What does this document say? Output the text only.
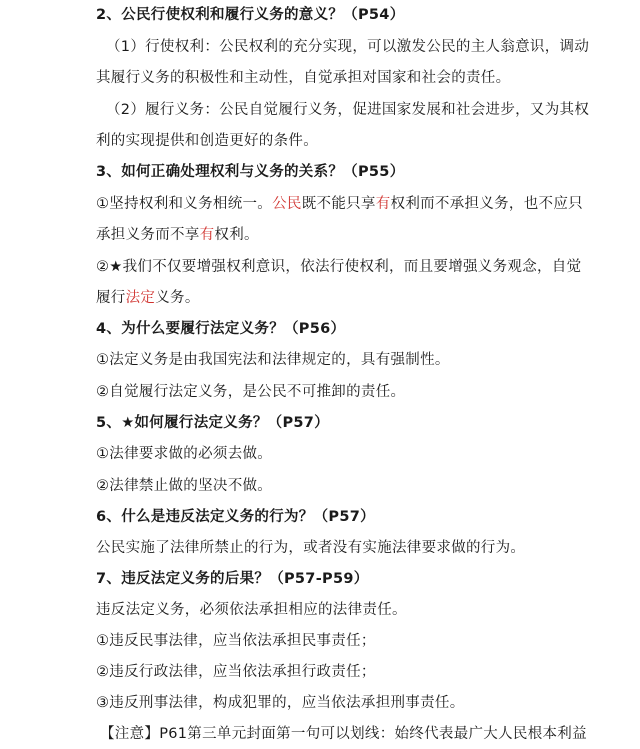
2、公民行使权利和履行义务的意义？（P54）
（1）行使权利：公民权利的充分实现，可以激发公民的主人翁意识，调动
其履行义务的积极性和主动性，自觉承担对国家和社会的责任。
（2）履行义务：公民自觉履行义务，促进国家发展和社会进步，又为其权
利的实现提供和创造更好的条件。
3、如何正确处理权利与义务的关系？（P55）
①坚持权利和义务相统一。公民既不能只享有权利而不承担义务，也不应只
承担义务而不享有权利。
②★我们不仅要增强权利意识，依法行使权利，而且要增强义务观念，自觉
履行法定义务。
4、为什么要履行法定义务？（P56）
①法定义务是由我国宪法和法律规定的，具有强制性。
②自觉履行法定义务，是公民不可推卸的责任。
5、★如何履行法定义务？（P57）
①法律要求做的必须去做。
②法律禁止做的坚决不做。
6、什么是违反法定义务的行为？（P57）
公民实施了法律所禁止的行为，或者没有实施法律要求做的行为。
7、违反法定义务的后果？（P57-P59）
违反法定义务，必须依法承担相应的法律责任。
①违反民事法律，应当依法承担民事责任；
②违反行政法律，应当依法承担行政责任；
③违反刑事法律，构成犯罪的，应当依法承担刑事责任。
【注意】P61第三单元封面第一句可以划线：始终代表最广大人民根本利益
